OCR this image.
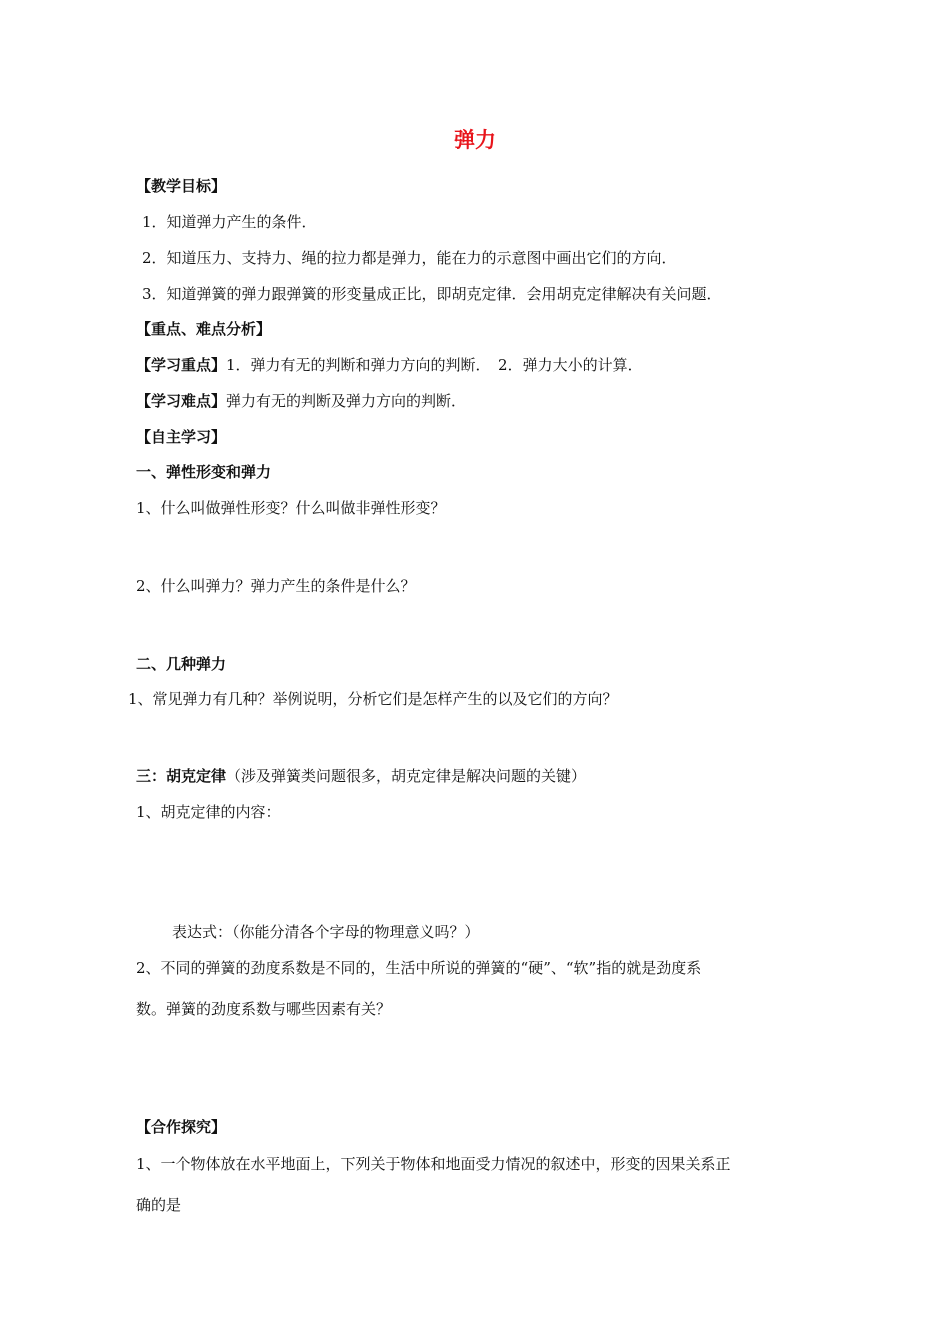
弹力
【教学目标】
1．知道弹力产生的条件．
2．知道压力、支持力、绳的拉力都是弹力，能在力的示意图中画出它们的方向．
3．知道弹簧的弹力跟弹簧的形变量成正比，即胡克定律．会用胡克定律解决有关问题．
【重点、难点分析】
【学习重点】1．弹力有无的判断和弹力方向的判断．　2．弹力大小的计算．
【学习难点】弹力有无的判断及弹力方向的判断．
【自主学习】
一、弹性形变和弹力
1、什么叫做弹性形变？什么叫做非弹性形变？
2、什么叫弹力？弹力产生的条件是什么？
二、几种弹力
1、常见弹力有几种？举例说明，分析它们是怎样产生的以及它们的方向？
三：胡克定律（涉及弹簧类问题很多，胡克定律是解决问题的关键）
1、胡克定律的内容：
表达式：（你能分清各个字母的物理意义吗？）
2、不同的弹簧的劲度系数是不同的，生活中所说的弹簧的“硬”、“软”指的就是劲度系
数。弹簧的劲度系数与哪些因素有关？
【合作探究】
1、一个物体放在水平地面上，下列关于物体和地面受力情况的叙述中，形变的因果关系正
确的是
